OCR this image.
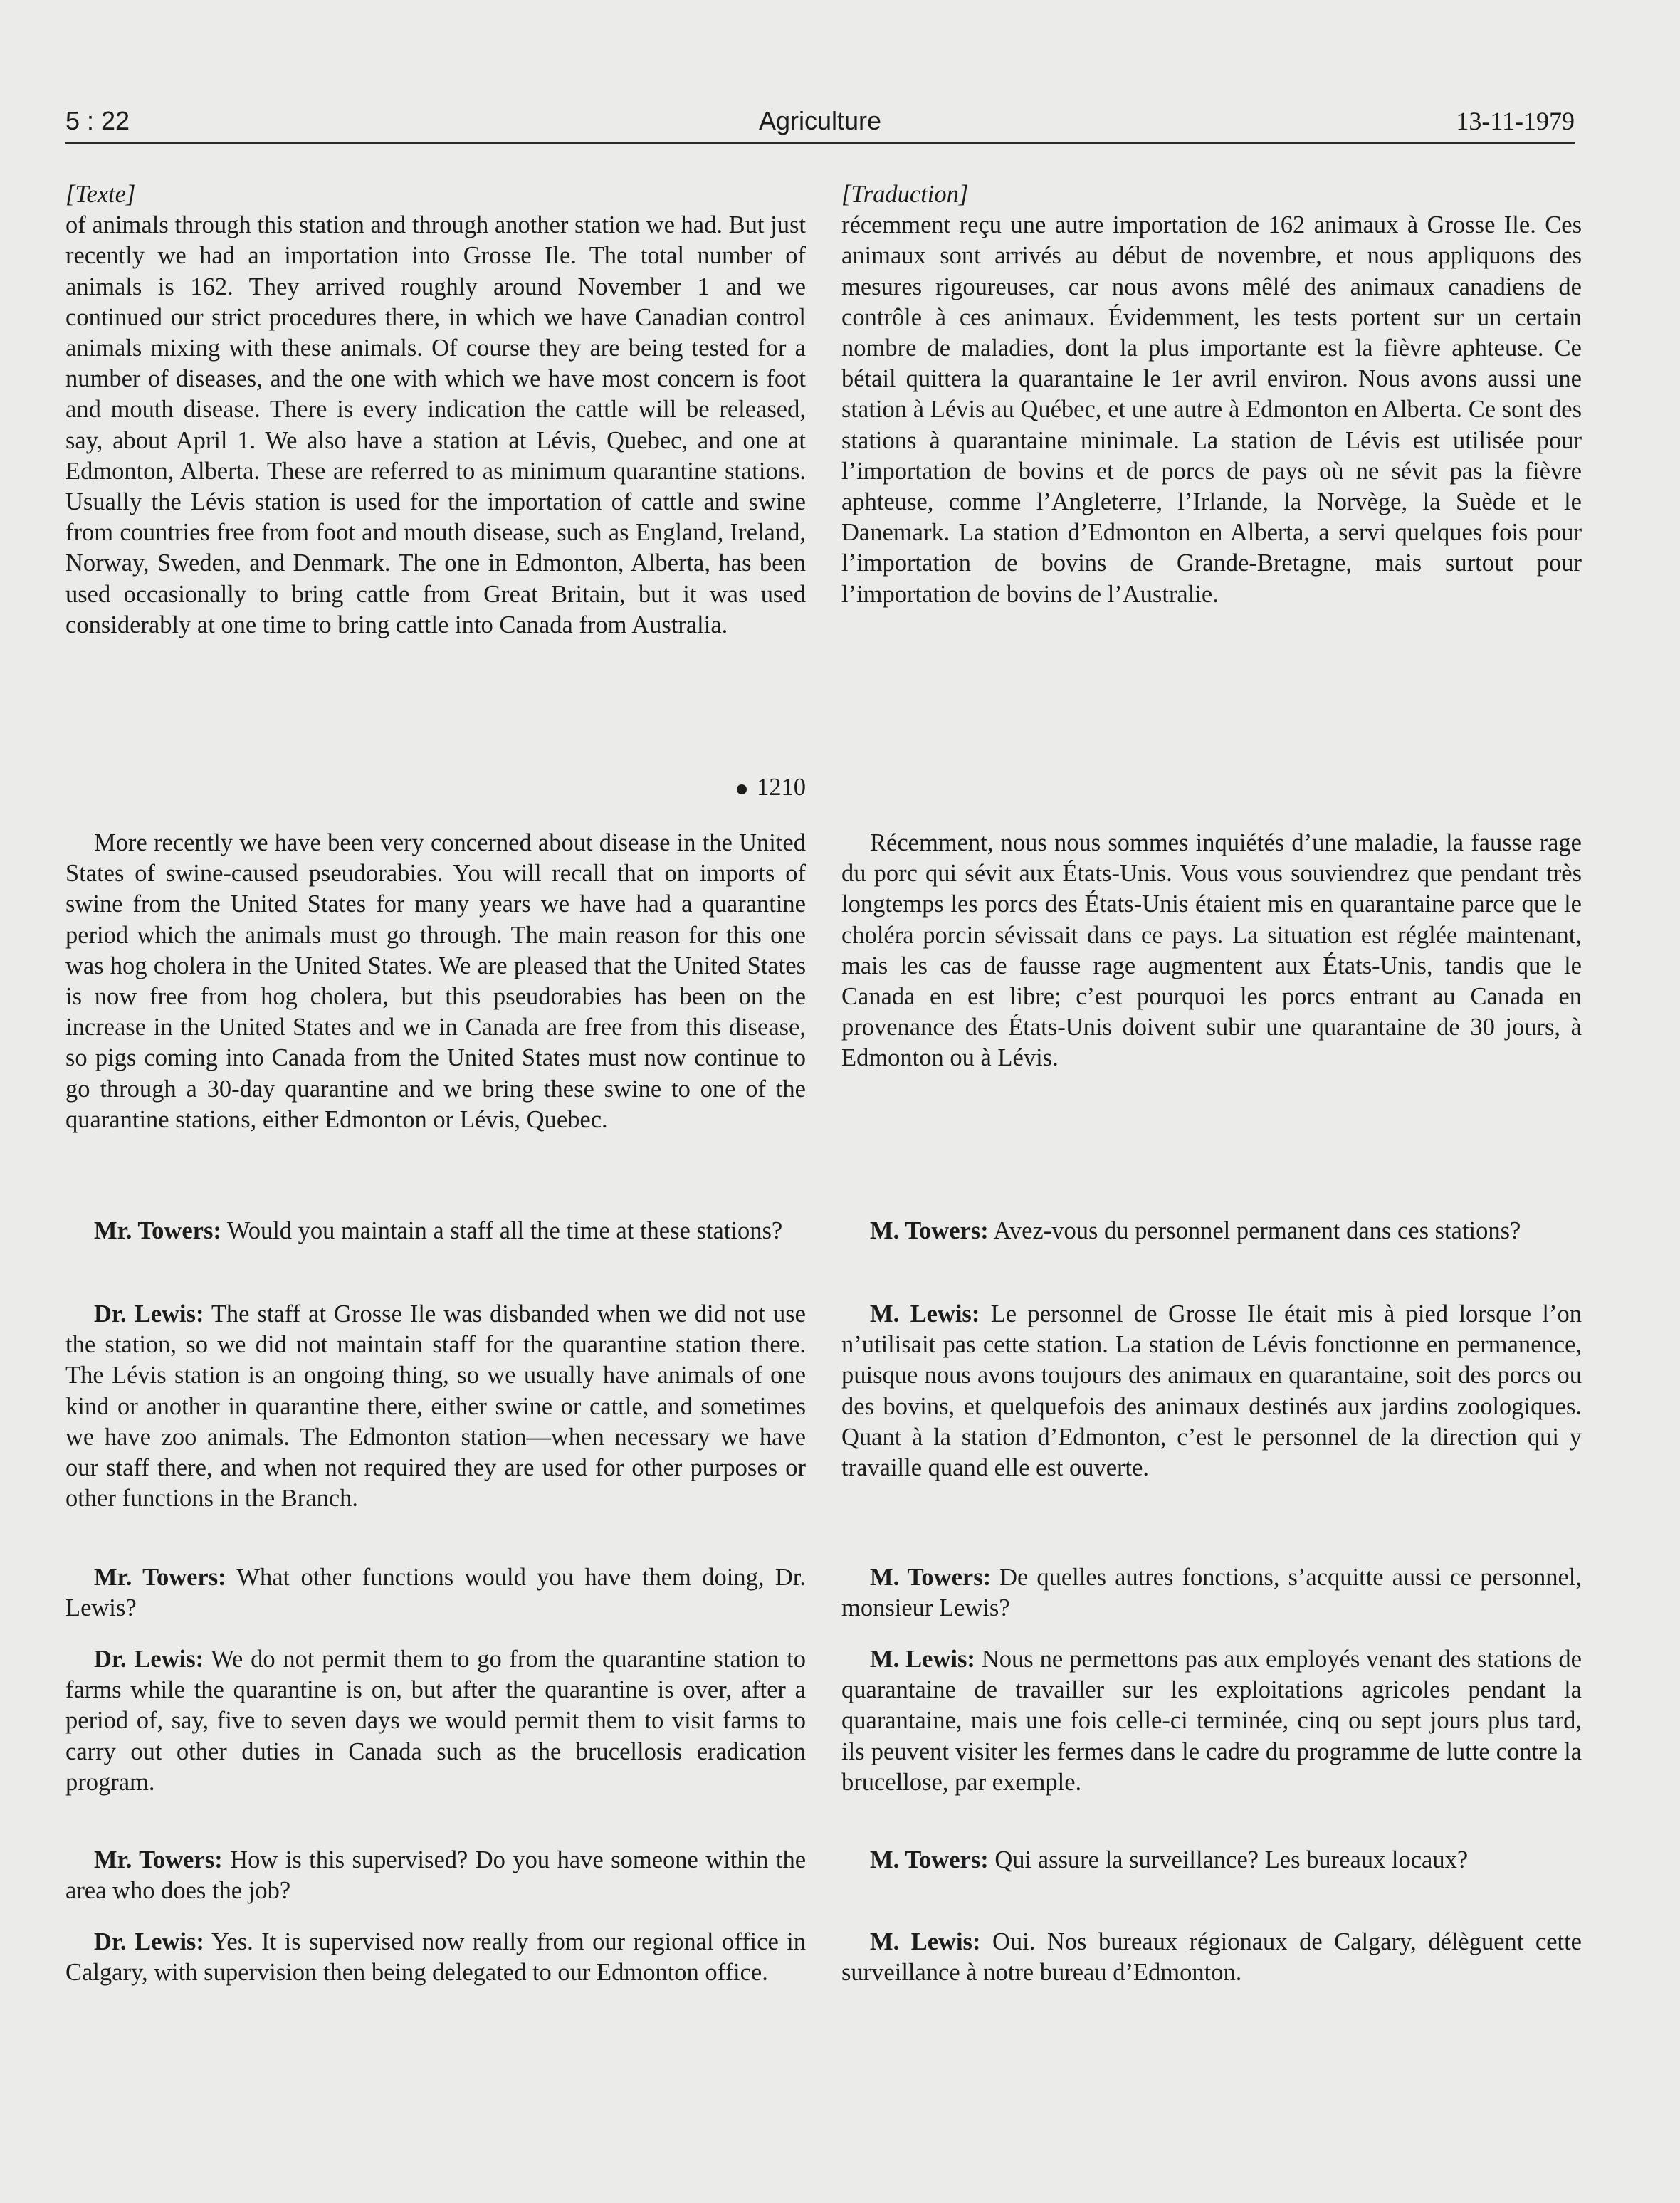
5 : 22	Agriculture	13-11-1979

[Texte]

of animals through this station and through another station we had. But just recently we had an importation into Grosse Ile. The total number of animals is 162. They arrived roughly around November 1 and we continued our strict procedures there, in which we have Canadian control animals mixing with these animals. Of course they are being tested for a number of diseases, and the one with which we have most concern is foot and mouth disease. There is every indication the cattle will be released, say, about April 1. We also have a station at Lévis, Quebec, and one at Edmonton, Alberta. These are referred to as minimum quarantine stations. Usually the Lévis station is used for the importation of cattle and swine from countries free from foot and mouth disease, such as England, Ireland, Norway, Sweden, and Denmark. The one in Edmonton, Alberta, has been used occasionally to bring cattle from Great Britain, but it was used considerably at one time to bring cattle into Canada from Australia.

1210

More recently we have been very concerned about disease in the United States of swine-caused pseudorabies. You will recall that on imports of swine from the United States for many years we have had a quarantine period which the animals must go through. The main reason for this one was hog cholera in the United States. We are pleased that the United States is now free from hog cholera, but this pseudorabies has been on the increase in the United States and we in Canada are free from this disease, so pigs coming into Canada from the United States must now continue to go through a 30-day quarantine and we bring these swine to one of the quarantine stations, either Edmonton or Lévis, Quebec.

Mr. Towers: Would you maintain a staff all the time at these stations?

Dr. Lewis: The staff at Grosse Ile was disbanded when we did not use the station, so we did not maintain staff for the quarantine station there. The Lévis station is an ongoing thing, so we usually have animals of one kind or another in quarantine there, either swine or cattle, and sometimes we have zoo animals. The Edmonton station—when necessary we have our staff there, and when not required they are used for other purposes or other functions in the Branch.

Mr. Towers: What other functions would you have them doing, Dr. Lewis?

Dr. Lewis: We do not permit them to go from the quarantine station to farms while the quarantine is on, but after the quarantine is over, after a period of, say, five to seven days we would permit them to visit farms to carry out other duties in Canada such as the brucellosis eradication program.

Mr. Towers: How is this supervised? Do you have someone within the area who does the job?

Dr. Lewis: Yes. It is supervised now really from our regional office in Calgary, with supervision then being delegated to our Edmonton office.

[Traduction]

récemment reçu une autre importation de 162 animaux à Grosse Ile. Ces animaux sont arrivés au début de novembre, et nous appliquons des mesures rigoureuses, car nous avons mêlé des animaux canadiens de contrôle à ces animaux. Évidemment, les tests portent sur un certain nombre de maladies, dont la plus importante est la fièvre aphteuse. Ce bétail quittera la quarantaine le 1er avril environ. Nous avons aussi une station à Lévis au Québec, et une autre à Edmonton en Alberta. Ce sont des stations à quarantaine minimale. La station de Lévis est utilisée pour l’importation de bovins et de porcs de pays où ne sévit pas la fièvre aphteuse, comme l’Angleterre, l’Irlande, la Norvège, la Suède et le Danemark. La station d’Edmonton en Alberta, a servi quelques fois pour l’importation de bovins de Grande-Bretagne, mais surtout pour l’importation de bovins de l’Australie.

Récemment, nous nous sommes inquiétés d’une maladie, la fausse rage du porc qui sévit aux États-Unis. Vous vous souviendrez que pendant très longtemps les porcs des États-Unis étaient mis en quarantaine parce que le choléra porcin sévissait dans ce pays. La situation est réglée maintenant, mais les cas de fausse rage augmentent aux États-Unis, tandis que le Canada en est libre; c’est pourquoi les porcs entrant au Canada en provenance des États-Unis doivent subir une quarantaine de 30 jours, à Edmonton ou à Lévis.

M. Towers: Avez-vous du personnel permanent dans ces stations?

M. Lewis: Le personnel de Grosse Ile était mis à pied lorsque l’on n’utilisait pas cette station. La station de Lévis fonctionne en permanence, puisque nous avons toujours des animaux en quarantaine, soit des porcs ou des bovins, et quelquefois des animaux destinés aux jardins zoologiques. Quant à la station d’Edmonton, c’est le personnel de la direction qui y travaille quand elle est ouverte.

M. Towers: De quelles autres fonctions, s’acquitte aussi ce personnel, monsieur Lewis?

M. Lewis: Nous ne permettons pas aux employés venant des stations de quarantaine de travailler sur les exploitations agricoles pendant la quarantaine, mais une fois celle-ci terminée, cinq ou sept jours plus tard, ils peuvent visiter les fermes dans le cadre du programme de lutte contre la brucellose, par exemple.

M. Towers: Qui assure la surveillance? Les bureaux locaux?

M. Lewis: Oui. Nos bureaux régionaux de Calgary, délèguent cette surveillance à notre bureau d’Edmonton.
